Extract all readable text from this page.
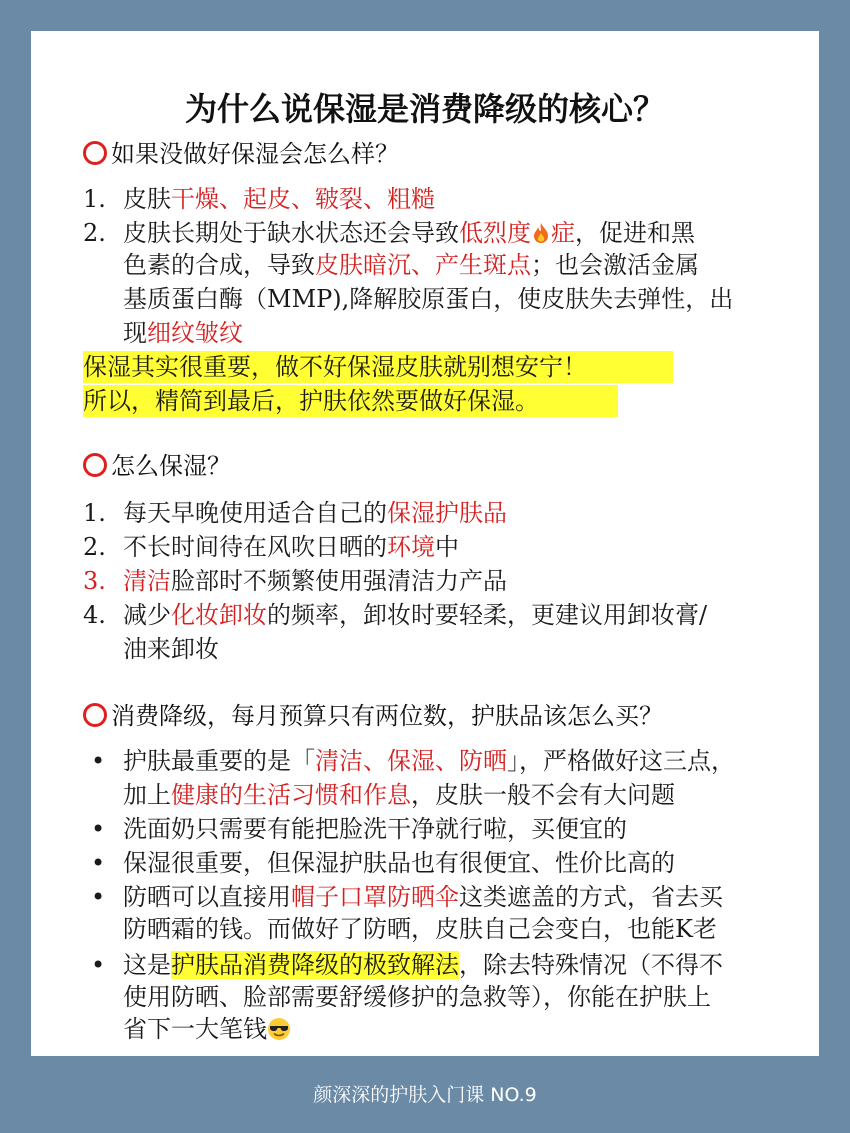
为什么说保湿是消费降级的核心？
如果没做好保湿会怎么样？
1. 皮肤干燥、起皮、皲裂、粗糙
2. 皮肤长期处于缺水状态还会导致低烈度 症，促进和黑
色素的合成，导致皮肤暗沉、产生斑点；也会激活金属
基质蛋白酶（MMP),降解胶原蛋白，使皮肤失去弹性，出
现细纹皱纹
保湿其实很重要，做不好保湿皮肤就别想安宁！
所以，精简到最后，护肤依然要做好保湿。
怎么保湿？
1. 每天早晚使用适合自己的保湿护肤品
2. 不长时间待在风吹日晒的环境中
3. 清洁脸部时不频繁使用强清洁力产品
4. 减少化妆卸妆的频率，卸妆时要轻柔，更建议用卸妆膏/
油来卸妆
消费降级，每月预算只有两位数，护肤品该怎么买？
• 护肤最重要的是「清洁、保湿、防晒」，严格做好这三点，
加上健康的生活习惯和作息，皮肤一般不会有大问题
• 洗面奶只需要有能把脸洗干净就行啦，买便宜的
• 保湿很重要，但保湿护肤品也有很便宜、性价比高的
• 防晒可以直接用帽子口罩防晒伞这类遮盖的方式，省去买
防晒霜的钱。而做好了防晒，皮肤自己会变白，也能K老
• 这是护肤品消费降级的极致解法，除去特殊情况（不得不
使用防晒、脸部需要舒缓修护的急救等），你能在护肤上
省下一大笔钱
颜深深的护肤入门课 NO.9
